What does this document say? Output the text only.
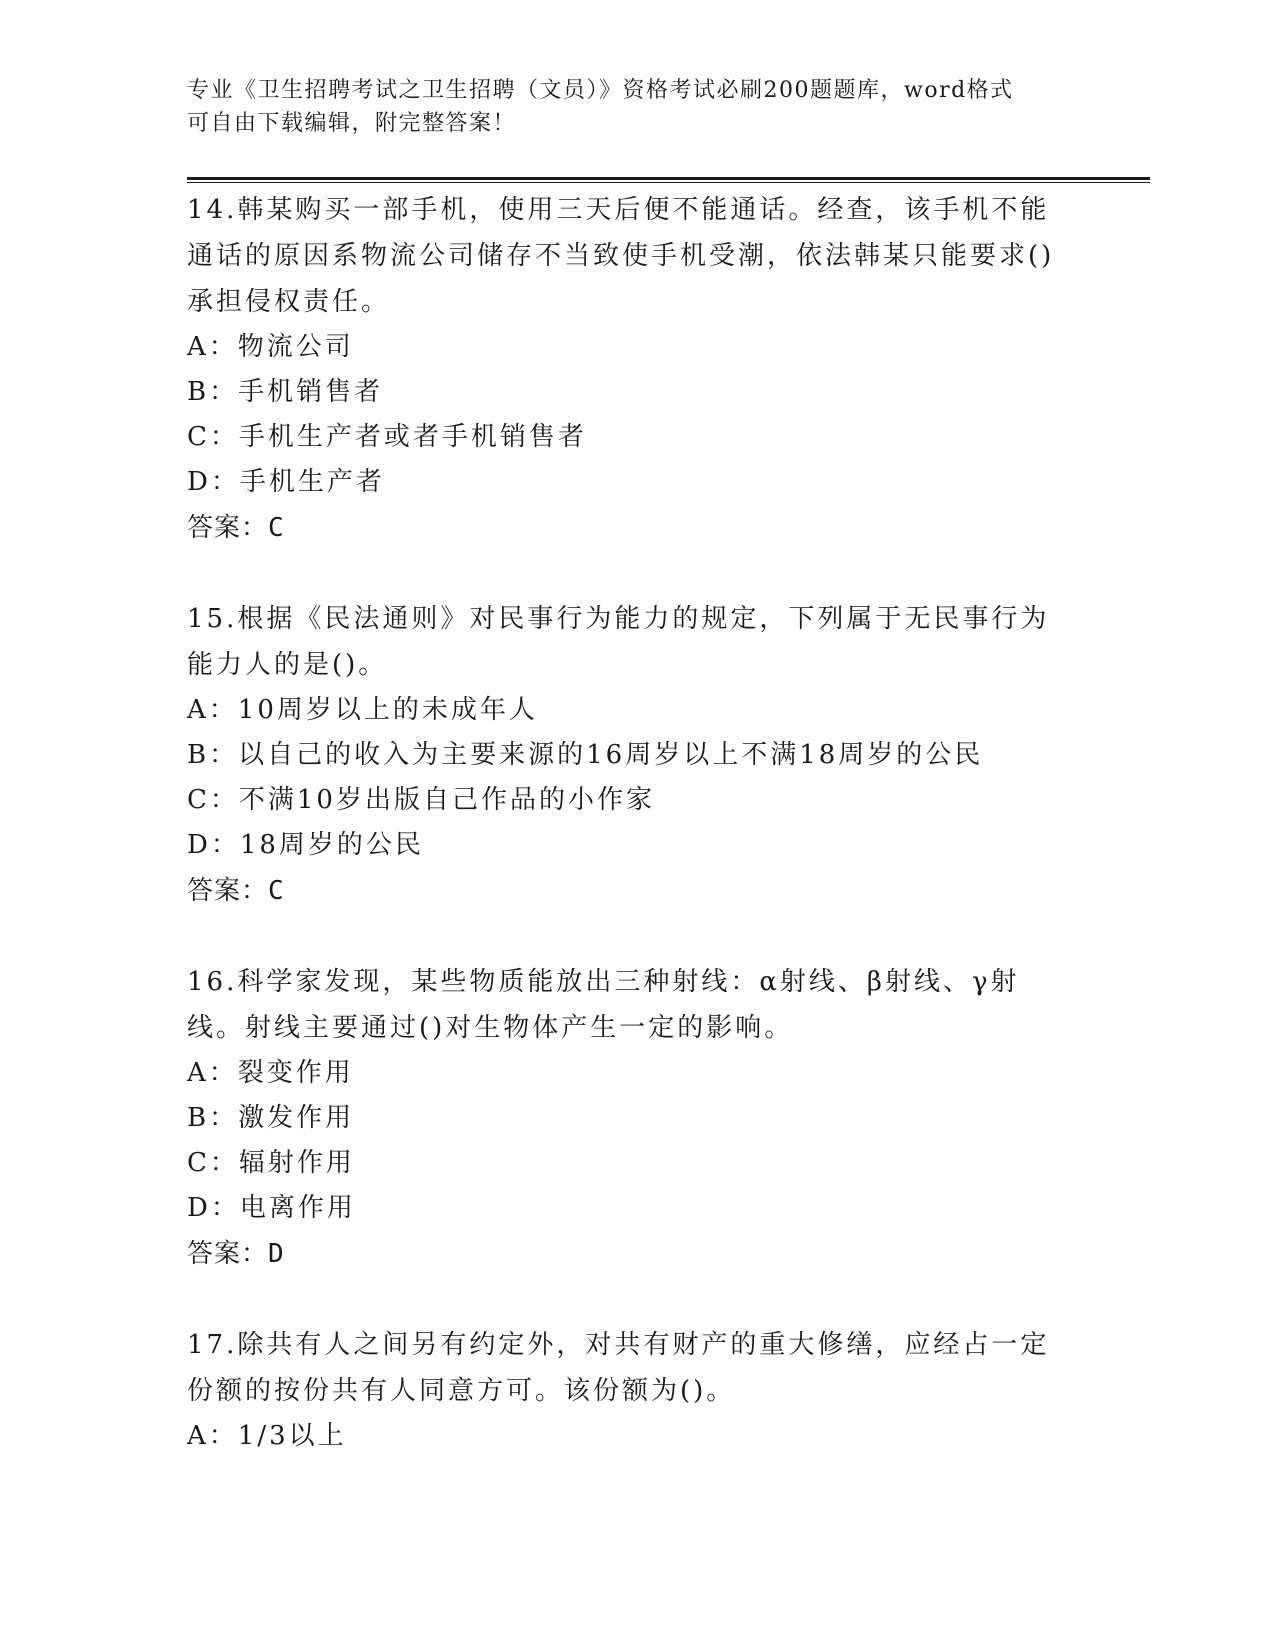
专业《卫生招聘考试之卫生招聘（文员）》资格考试必刷200题题库，word格式
可自由下载编辑，附完整答案！

14.韩某购买一部手机，使用三天后便不能通话。经查，该手机不能通话的原因系物流公司储存不当致使手机受潮，依法韩某只能要求()承担侵权责任。

A：物流公司

B：手机销售者

C：手机生产者或者手机销售者

D：手机生产者

答案：C

15.根据《民法通则》对民事行为能力的规定，下列属于无民事行为能力人的是()。

A：10周岁以上的未成年人

B：以自己的收入为主要来源的16周岁以上不满18周岁的公民

C：不满10岁出版自己作品的小作家

D：18周岁的公民

答案：C

16.科学家发现，某些物质能放出三种射线：α射线、β射线、γ射线。射线主要通过()对生物体产生一定的影响。

A：裂变作用

B：激发作用

C：辐射作用

D：电离作用

答案：D

17.除共有人之间另有约定外，对共有财产的重大修缮，应经占一定份额的按份共有人同意方可。该份额为()。

A：1/3以上
